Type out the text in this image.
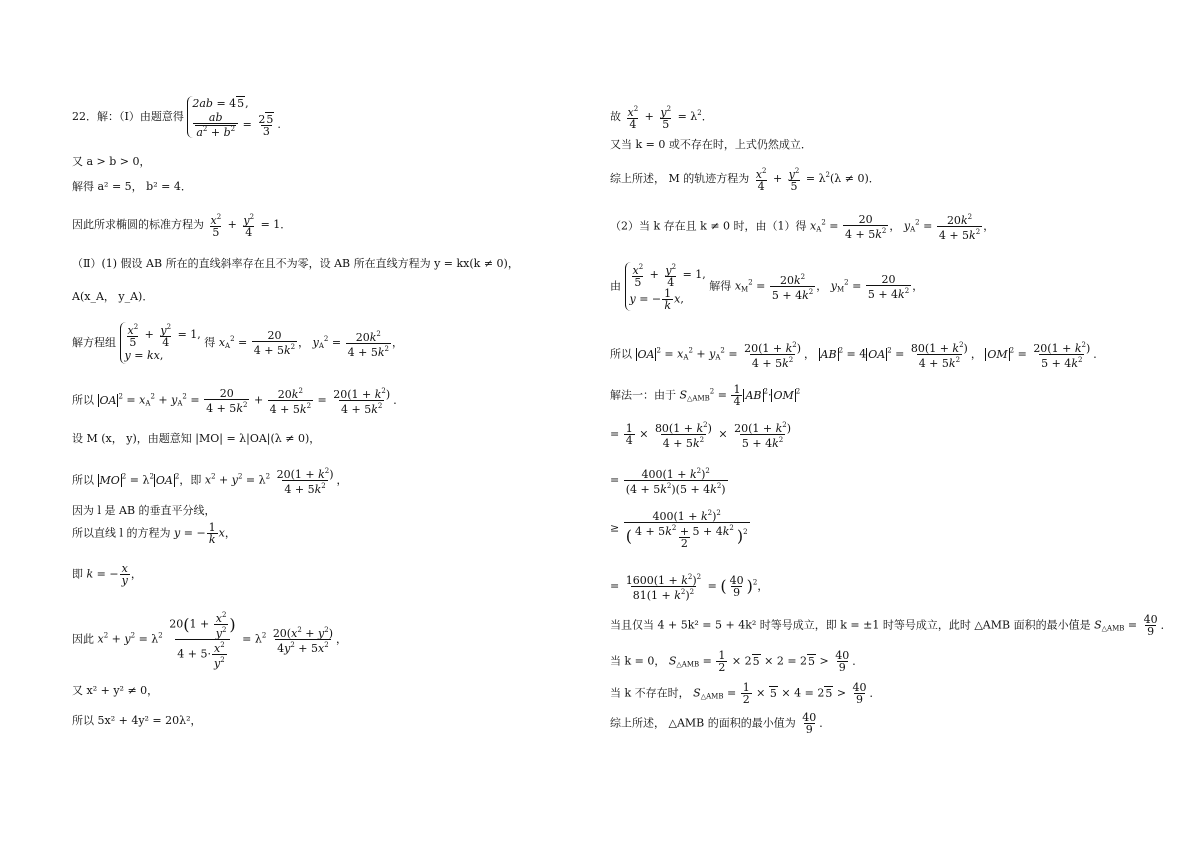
22．解：（Ⅰ）由题意得
2ab = 45,
$\frac{ab}{a^2 + b^2} = \frac{25}{3}$ .
又 a > b > 0，
解得 a² = 5， b² = 4．
因此所求椭圆的标准方程为 $\frac{x^2}{5} + \frac{y^2}{4} = 1$．
（Ⅱ）(1) 假设 AB 所在的直线斜率存在且不为零，设 AB 所在直线方程为 y = kx(k ≠ 0)，
A(x_A， y_A)．
解方程组 $\frac{x^2}{5} + \frac{y^2}{4} = 1$,
y = kx,
得 $x_A^2 = \frac{20}{4 + 5k^2}$ ， $y_A^2 = \frac{20k^2}{4 + 5k^2}$ ，
所以 OA $^2 = x_A^2 + y_A^2 = \frac{20}{4 + 5k^2} + \frac{20k^2}{4 + 5k^2} = \frac{20(1 + k^2)}{4 + 5k^2}$ ．
设 M (x， y)，由题意知 |MO| = λ|OA|(λ ≠ 0)，
所以 MO $^2 = \lambda^2$ OA $^2$，即 $x^2 + y^2 = \lambda^2 \frac{20(1 + k^2)}{4 + 5k^2}$ ，
因为 l 是 AB 的垂直平分线，
所以直线 l 的方程为 y = − $\frac{1}{k}$ x，
即 k = − $\frac{x}{y}$ ，
因此 $x^2 + y^2 = \lambda^2 \frac{20(1 + \frac{x^2}{y^2} )}{4 + 5\cdot \frac{x^2}{y^2}} = \lambda^2 \frac{20(x^2 + y^2)}{4y^2 + 5x^2}$ ，
又 x² + y² ≠ 0，
所以 5x² + 4y² = 20λ²，
故 $\frac{x^2}{4} + \frac{y^2}{5} = \lambda^2$．
又当 k = 0 或不存在时，上式仍然成立．
综上所述， M 的轨迹方程为 $\frac{x^2}{4} + \frac{y^2}{5} = \lambda^2(\lambda \ne 0)$．
（2）当 k 存在且 k ≠ 0 时，由（1）得 $x_A^2 = \frac{20}{4 + 5k^2}$ ， $y_A^2 = \frac{20k^2}{4 + 5k^2}$ ，
由 $\frac{x^2}{5} + \frac{y^2}{4} = 1$,
y = − $\frac{1}{k} x$,
解得 $x_M^2 = \frac{20k^2}{5 + 4k^2}$ ， $y_M^2 = \frac{20}{5 + 4k^2}$ ，
所以 OA $^2 = x_A^2 + y_A^2 = \frac{20(1 + k^2)}{4 + 5k^2}$ ， AB $^2$ = 4 OA $^2 = \frac{80(1 + k^2)}{4 + 5k^2}$ ， OM $^2 = \frac{20(1 + k^2)}{5 + 4k^2}$ ．
解法一：由于 $S_{\triangle AMB}^2 = \frac{1}{4}$ AB $^2$· OM $^2$
= $\frac{1}{4} \times \frac{80(1 + k^2)}{4 + 5k^2} \times \frac{20(1 + k^2)}{5 + 4k^2}$
= $\frac{400(1 + k^2)^2}{(4 + 5k^2)(5 + 4k^2)}$
≥ $\frac{400(1 + k^2)^2}{( \frac{4 + 5k^2 + 5 + 4k^2}{2} )^2}$
= $\frac{1600(1 + k^2)^2}{81(1 + k^2)^2}$ = ( $\frac{40}{9} )^2$，
当且仅当 4 + 5k² = 5 + 4k² 时等号成立，即 k = ±1 时等号成立，此时 △AMB 面积的最小值是 $S_{\triangle AMB} = \frac{40}{9}$ ．
当 k = 0， $S_{\triangle AMB} = \frac{1}{2} \times 25 \times 2 = 25 > \frac{40}{9}$ ．
当 k 不存在时， $S_{\triangle AMB} = \frac{1}{2} \times 5 \times 4 = 25 > \frac{40}{9}$ ．
综上所述， △AMB 的面积的最小值为 $\frac{40}{9}$ ．
